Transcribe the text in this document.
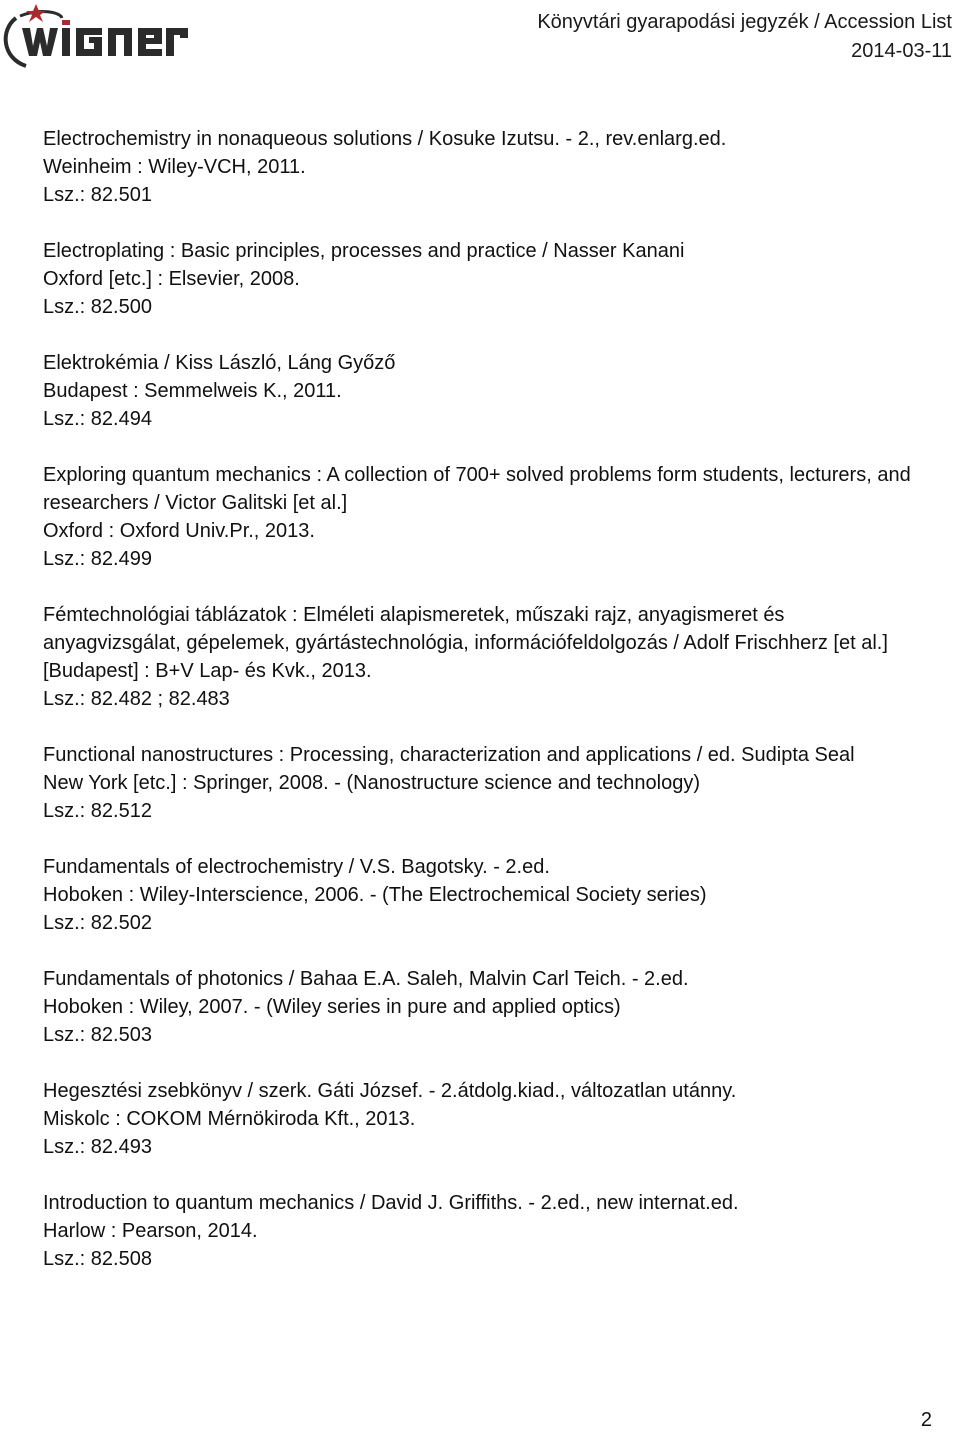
Könyvtári gyarapodási jegyzék / Accession List
2014-03-11
Electrochemistry in nonaqueous solutions / Kosuke Izutsu. - 2., rev.enlarg.ed.
Weinheim : Wiley-VCH, 2011.
Lsz.: 82.501
Electroplating : Basic principles, processes and practice / Nasser Kanani
Oxford [etc.] : Elsevier, 2008.
Lsz.: 82.500
Elektrokémia / Kiss László, Láng Győző
Budapest : Semmelweis K., 2011.
Lsz.: 82.494
Exploring quantum mechanics : A collection of 700+ solved problems form students, lecturers, and researchers / Victor Galitski [et al.]
Oxford : Oxford Univ.Pr., 2013.
Lsz.: 82.499
Fémtechnológiai táblázatok : Elméleti alapismeretek, műszaki rajz, anyagismeret és anyagvizsgálat, gépelemek, gyártástechnológia, információfeldolgozás / Adolf Frischherz [et al.]
[Budapest] : B+V Lap- és Kvk., 2013.
Lsz.: 82.482 ; 82.483
Functional nanostructures : Processing, characterization and applications / ed. Sudipta Seal
New York [etc.] : Springer, 2008. - (Nanostructure science and technology)
Lsz.: 82.512
Fundamentals of electrochemistry / V.S. Bagotsky. - 2.ed.
Hoboken : Wiley-Interscience, 2006. - (The Electrochemical Society series)
Lsz.: 82.502
Fundamentals of photonics / Bahaa E.A. Saleh, Malvin Carl Teich. - 2.ed.
Hoboken : Wiley, 2007. - (Wiley series in pure and applied optics)
Lsz.: 82.503
Hegesztési zsebkönyv / szerk. Gáti József. - 2.átdolg.kiad., változatlan utánny.
Miskolc : COKOM Mérnökiroda Kft., 2013.
Lsz.: 82.493
Introduction to quantum mechanics / David J. Griffiths. - 2.ed., new internat.ed.
Harlow : Pearson, 2014.
Lsz.: 82.508
2
